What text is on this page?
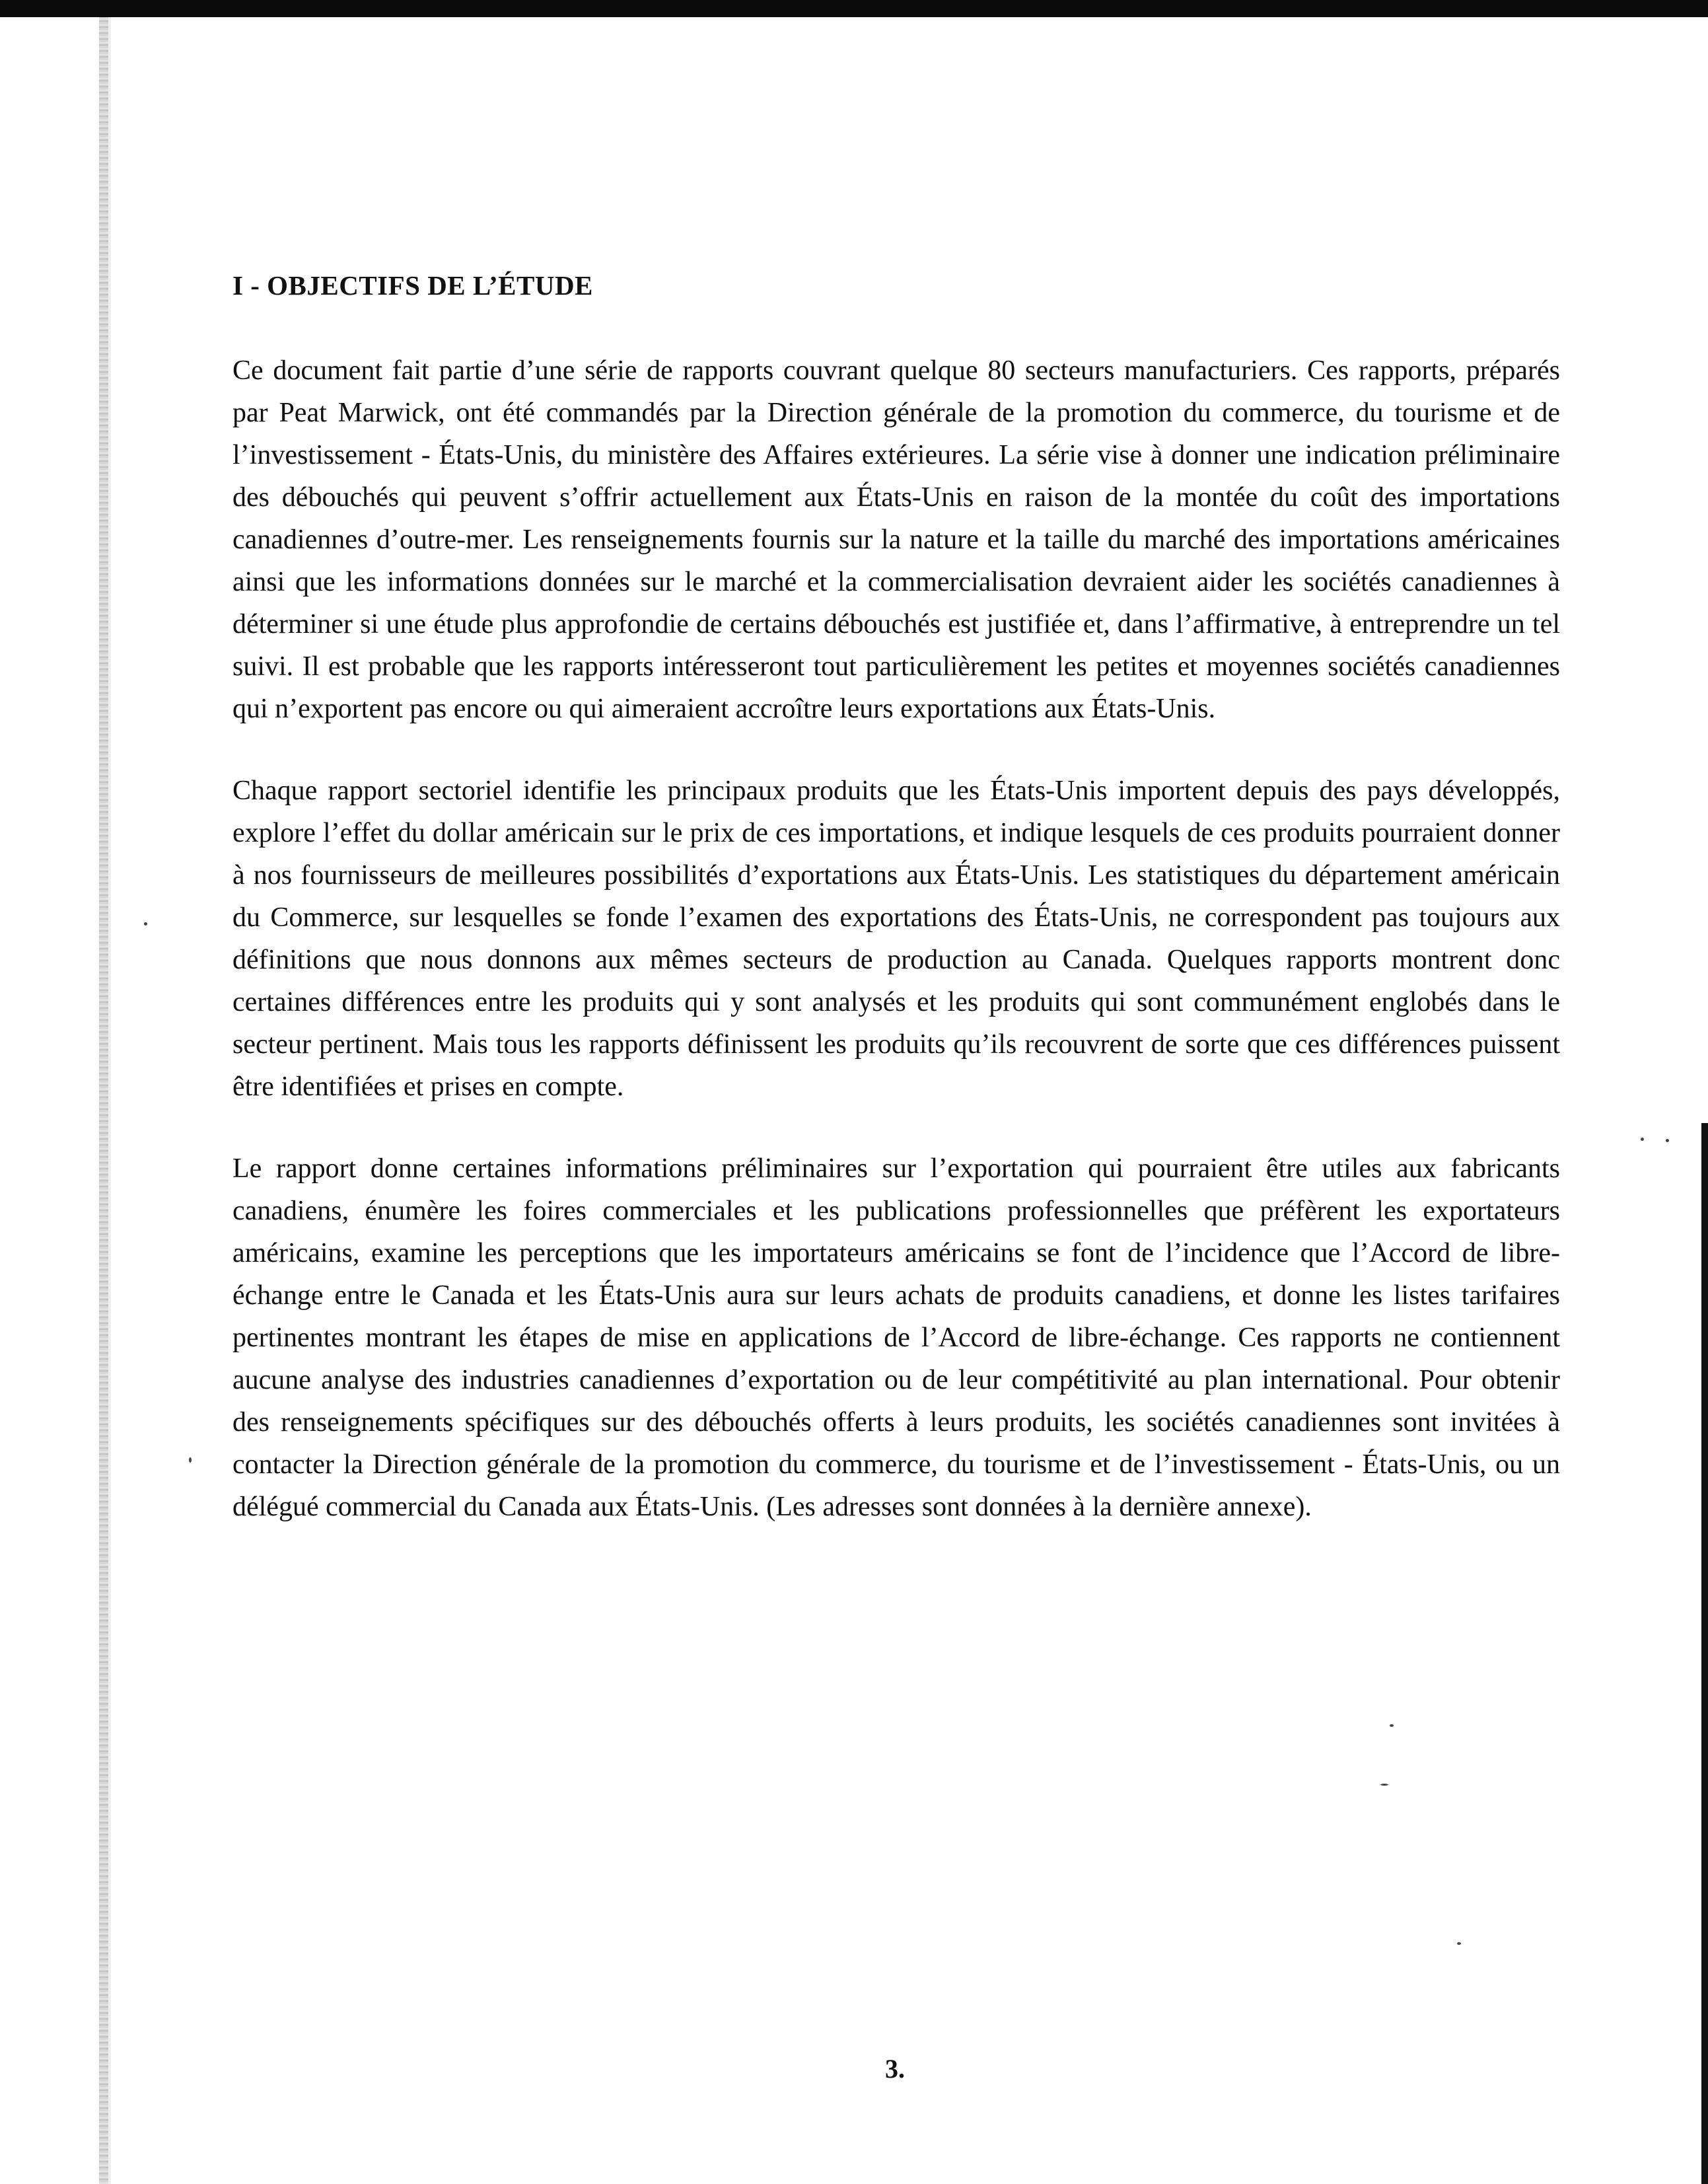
I - OBJECTIFS DE L’ÉTUDE

Ce document fait partie d’une série de rapports couvrant quelque 80 secteurs manufacturiers. Ces rapports, préparés par Peat Marwick, ont été commandés par la Direction générale de la promotion du commerce, du tourisme et de l’investissement - États-Unis, du ministère des Affaires extérieures. La série vise à donner une indication préliminaire des débouchés qui peuvent s’offrir actuellement aux États-Unis en raison de la montée du coût des importations canadiennes d’outre-mer. Les renseignements fournis sur la nature et la taille du marché des importations américaines ainsi que les informations données sur le marché et la commercialisation devraient aider les sociétés canadiennes à déterminer si une étude plus approfondie de certains débouchés est justifiée et, dans l’affirmative, à entreprendre un tel suivi. Il est probable que les rapports intéresseront tout particulièrement les petites et moyennes sociétés canadiennes qui n’exportent pas encore ou qui aimeraient accroître leurs exportations aux États-Unis.

Chaque rapport sectoriel identifie les principaux produits que les États-Unis importent depuis des pays développés, explore l’effet du dollar américain sur le prix de ces importations, et indique lesquels de ces produits pourraient donner à nos fournisseurs de meilleures possibilités d’exportations aux États-Unis. Les statistiques du département américain du Commerce, sur lesquelles se fonde l’examen des exportations des États-Unis, ne correspondent pas toujours aux définitions que nous donnons aux mêmes secteurs de production au Canada. Quelques rapports montrent donc certaines différences entre les produits qui y sont analysés et les produits qui sont communément englobés dans le secteur pertinent. Mais tous les rapports définissent les produits qu’ils recouvrent de sorte que ces différences puissent être identifiées et prises en compte.

Le rapport donne certaines informations préliminaires sur l’exportation qui pourraient être utiles aux fabricants canadiens, énumère les foires commerciales et les publications professionnelles que préfèrent les exportateurs américains, examine les perceptions que les importateurs américains se font de l’incidence que l’Accord de libre-échange entre le Canada et les États-Unis aura sur leurs achats de produits canadiens, et donne les listes tarifaires pertinentes montrant les étapes de mise en applications de l’Accord de libre-échange. Ces rapports ne contiennent aucune analyse des industries canadiennes d’exportation ou de leur compétitivité au plan international. Pour obtenir des renseignements spécifiques sur des débouchés offerts à leurs produits, les sociétés canadiennes sont invitées à contacter la Direction générale de la promotion du commerce, du tourisme et de l’investissement - États-Unis, ou un délégué commercial du Canada aux États-Unis. (Les adresses sont données à la dernière annexe).

3.
